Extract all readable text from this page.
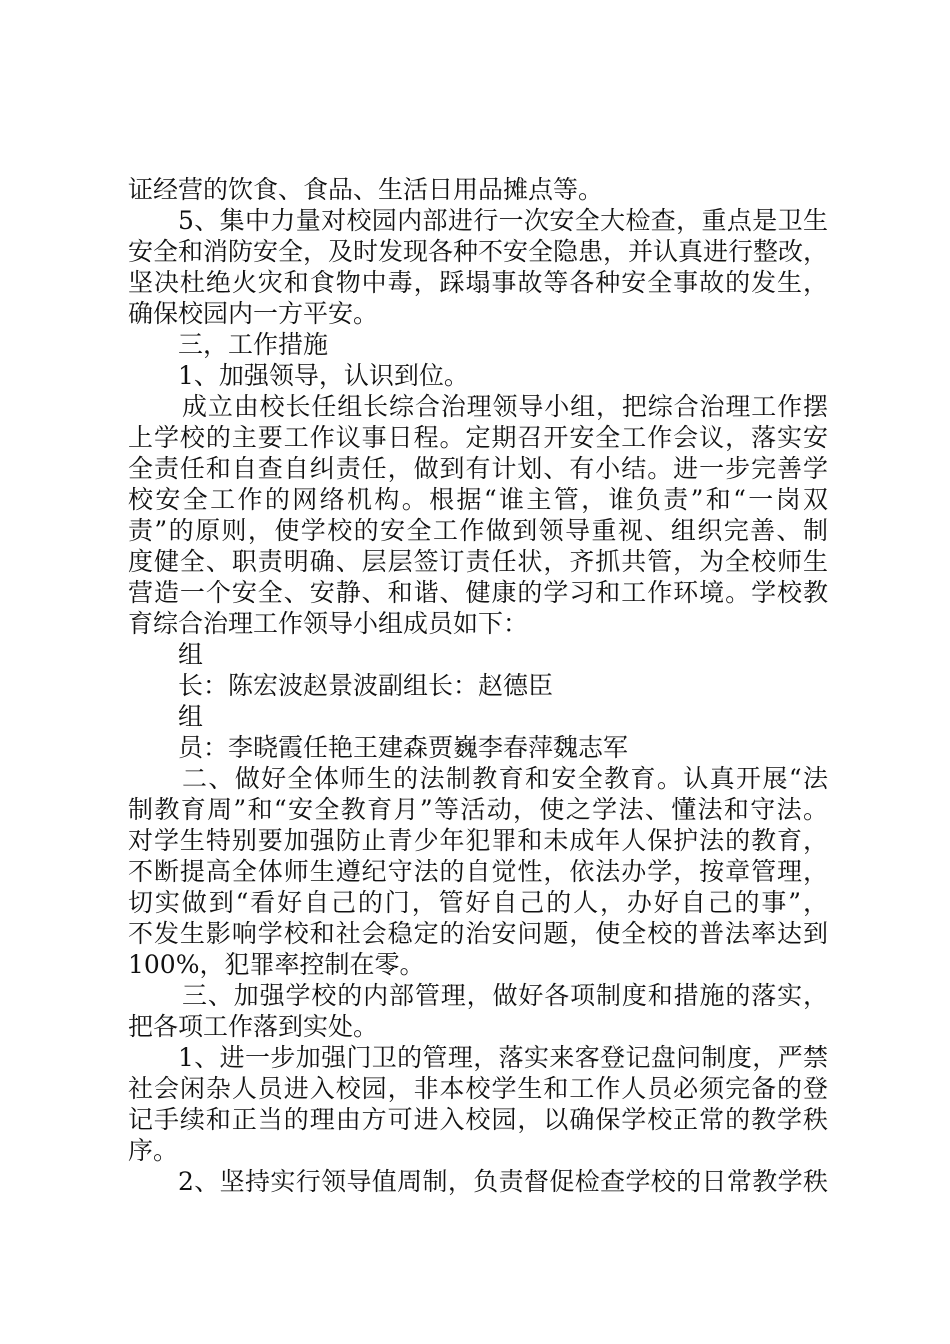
证经营的饮食、食品、生活日用品摊点等。
5、集中力量对校园内部进行一次安全大检查，重点是卫生
安全和消防安全，及时发现各种不安全隐患，并认真进行整改，
坚决杜绝火灾和食物中毒，踩塌事故等各种安全事故的发生，
确保校园内一方平安。
三，工作措施
1、加强领导，认识到位。
成立由校长任组长综合治理领导小组，把综合治理工作摆
上学校的主要工作议事日程。定期召开安全工作会议，落实安
全责任和自查自纠责任，做到有计划、有小结。进一步完善学
校安全工作的网络机构。根据“谁主管，谁负责”和“一岗双
责”的原则，使学校的安全工作做到领导重视、组织完善、制
度健全、职责明确、层层签订责任状，齐抓共管，为全校师生
营造一个安全、安静、和谐、健康的学习和工作环境。学校教
育综合治理工作领导小组成员如下：
组
长：陈宏波赵景波副组长：赵德臣
组
员：李晓霞任艳王建森贾巍李春萍魏志军
二、做好全体师生的法制教育和安全教育。认真开展“法
制教育周”和“安全教育月”等活动，使之学法、懂法和守法。
对学生特别要加强防止青少年犯罪和未成年人保护法的教育，
不断提高全体师生遵纪守法的自觉性，依法办学，按章管理，
切实做到“看好自己的门，管好自己的人，办好自己的事”，
不发生影响学校和社会稳定的治安问题，使全校的普法率达到
100%，犯罪率控制在零。
三、加强学校的内部管理，做好各项制度和措施的落实，
把各项工作落到实处。
1、进一步加强门卫的管理，落实来客登记盘问制度，严禁
社会闲杂人员进入校园，非本校学生和工作人员必须完备的登
记手续和正当的理由方可进入校园，以确保学校正常的教学秩
序。
2、坚持实行领导值周制，负责督促检查学校的日常教学秩
